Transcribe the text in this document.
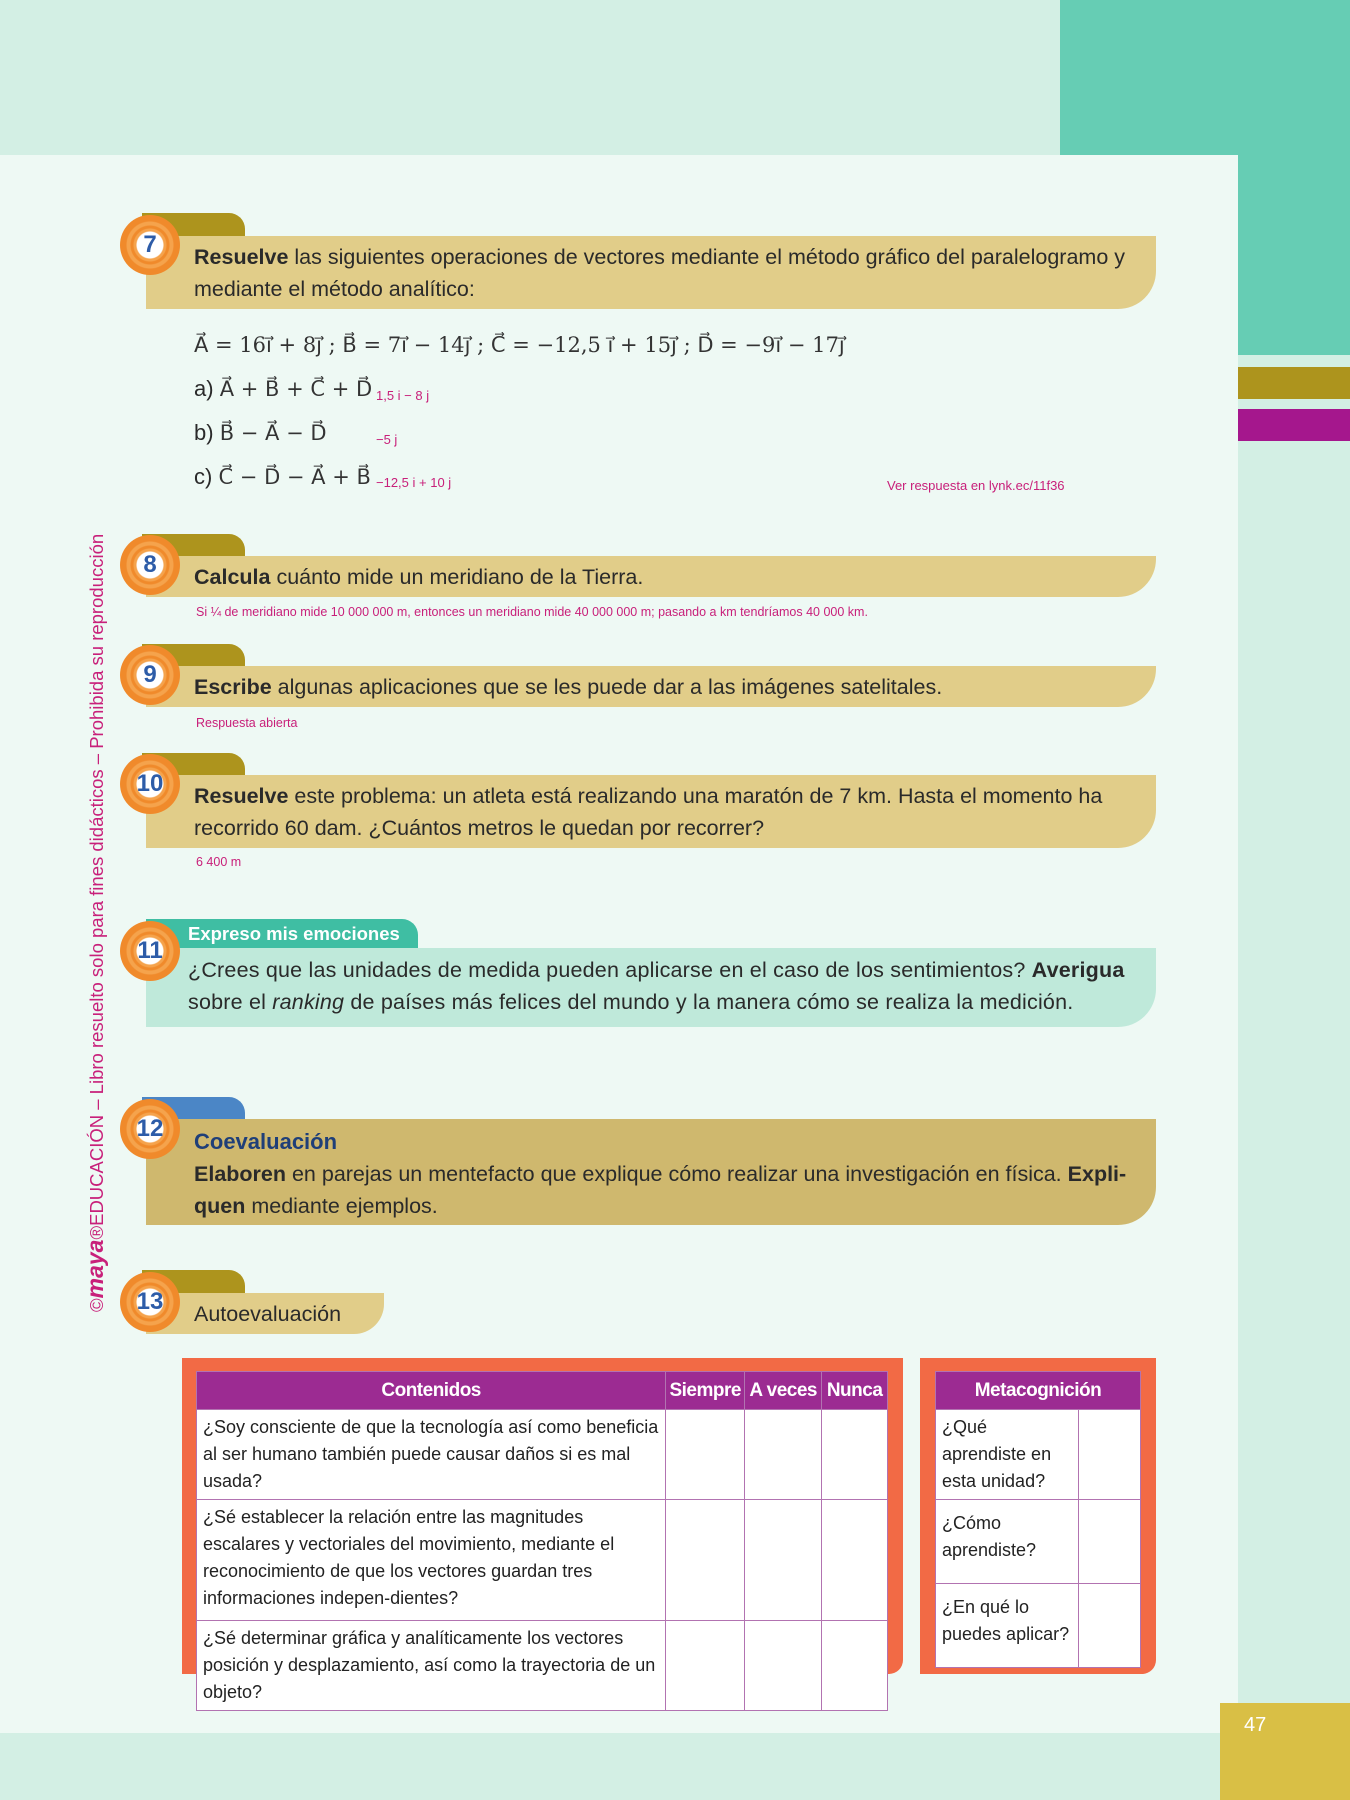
47
©maya®EDUCACIÓN – Libro resuelto solo para fines didácticos – Prohibida su reproducción
Resuelve las siguientes operaciones de vectores mediante el método gráfico del paralelogramo y mediante el método analítico:
7
A⃗ = 16i⃗ + 8j⃗ ; B⃗ = 7i⃗ − 14j⃗ ; C⃗ = −12,5 i⃗ + 15j⃗ ; D⃗ = −9i⃗ − 17j⃗
a) A⃗ + B⃗ + C⃗ + D⃗ 1,5 i − 8 j
b) B⃗ − A⃗ − D⃗	−5 j
c) C⃗ − D⃗ − A⃗ + B⃗ −12,5 i + 10 j	Ver respuesta en lynk.ec/11f36
Calcula cuánto mide un meridiano de la Tierra.
8
Si ¼ de meridiano mide 10 000 000 m, entonces un meridiano mide 40 000 000 m; pasando a km tendríamos 40 000 km.
Escribe algunas aplicaciones que se les puede dar a las imágenes satelitales.
9
Respuesta abierta
Resuelve este problema: un atleta está realizando una maratón de 7 km. Hasta el momento ha recorrido 60 dam. ¿Cuántos metros le quedan por recorrer?
10
6 400 m
Expreso mis emociones
¿Crees que las unidades de medida pueden aplicarse en el caso de los sentimientos? Averigua sobre el ranking de países más felices del mundo y la manera cómo se realiza la medición.
11
Coevaluación
Elaboren en parejas un mentefacto que explique cómo realizar una investigación en física. Expli-quen mediante ejemplos.
12
Autoevaluación
13
Contenidos	Siempre	A veces	Nunca
¿Soy consciente de que la tecnología así como beneficia al ser humano también puede causar daños si es mal usada?			
¿Sé establecer la relación entre las magnitudes escalares y vectoriales del movimiento, mediante el reconocimiento de que los vectores guardan tres informaciones indepen-dientes?			
¿Sé determinar gráfica y analíticamente los vectores posición y desplazamiento, así como la trayectoria de un objeto?			
Metacognición	
¿Qué aprendiste en esta unidad?	
¿Cómo aprendiste?	
¿En qué lo puedes aplicar?	
